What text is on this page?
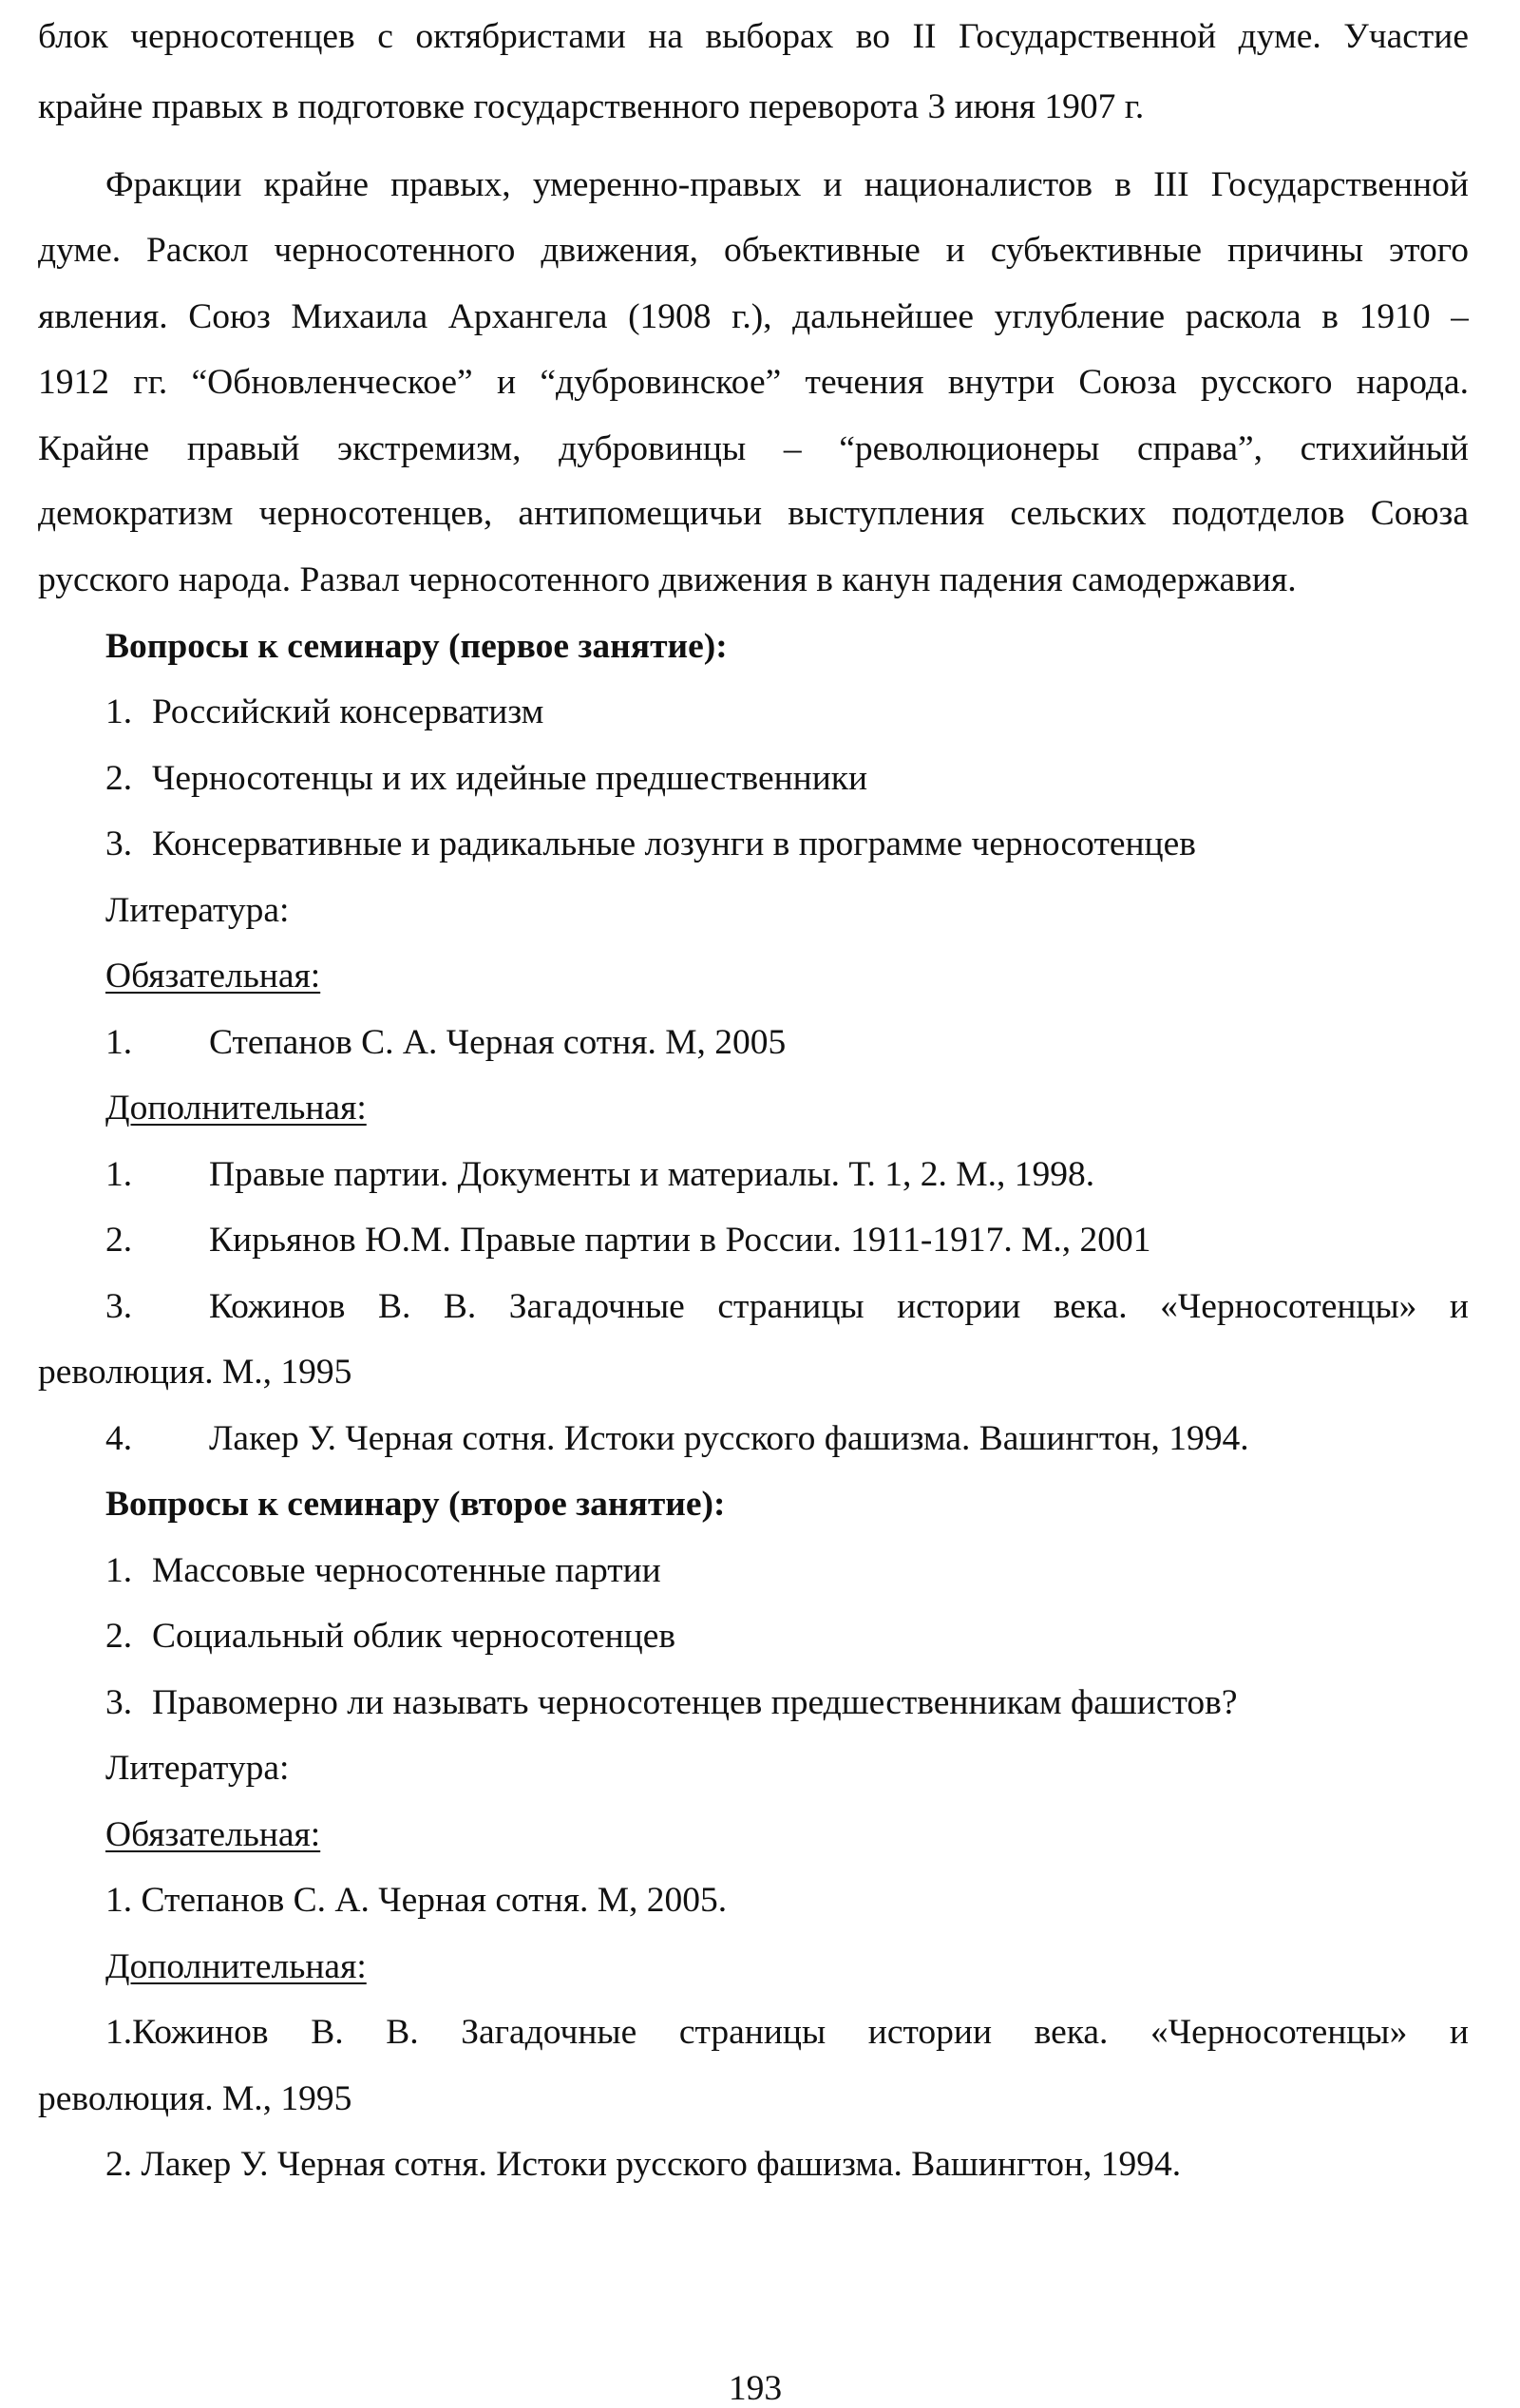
блок черносотенцев с октябристами на выборах во II Государственной думе. Участие
крайне правых в подготовке государственного переворота 3 июня 1907 г.
Фракции крайне правых, умеренно-правых и националистов в III Государственной
думе. Раскол черносотенного движения, объективные и субъективные причины этого
явления. Союз Михаила Архангела (1908 г.), дальнейшее углубление раскола в 1910 –
1912 гг. “Обновленческое” и “дубровинское” течения внутри Союза русского народа.
Крайне правый экстремизм, дубровинцы – “революционеры справа”, стихийный
демократизм черносотенцев, антипомещичьи выступления сельских подотделов Союза
русского народа. Развал черносотенного движения в канун падения самодержавия.
Вопросы к семинару (первое занятие):
1. Российский консерватизм
2. Черносотенцы и их идейные предшественники
3. Консервативные и радикальные лозунги в программе черносотенцев
Литература:
Обязательная:
1. Степанов С. А. Черная сотня. М, 2005
Дополнительная:
1. Правые партии. Документы и материалы. Т. 1, 2. М., 1998.
2. Кирьянов Ю.М. Правые партии в России. 1911-1917. М., 2001
3. Кожинов В. В. Загадочные страницы истории века. «Черносотенцы» и
революция. М., 1995
4. Лакер У. Черная сотня. Истоки русского фашизма. Вашингтон, 1994.
Вопросы к семинару (второе занятие):
1. Массовые черносотенные партии
2. Социальный облик черносотенцев
3. Правомерно ли называть черносотенцев предшественникам фашистов?
Литература:
Обязательная:
1. Степанов С. А. Черная сотня. М, 2005.
Дополнительная:
1.Кожинов В. В. Загадочные страницы истории века. «Черносотенцы» и
революция. М., 1995
2. Лакер У. Черная сотня. Истоки русского фашизма. Вашингтон, 1994.
193
